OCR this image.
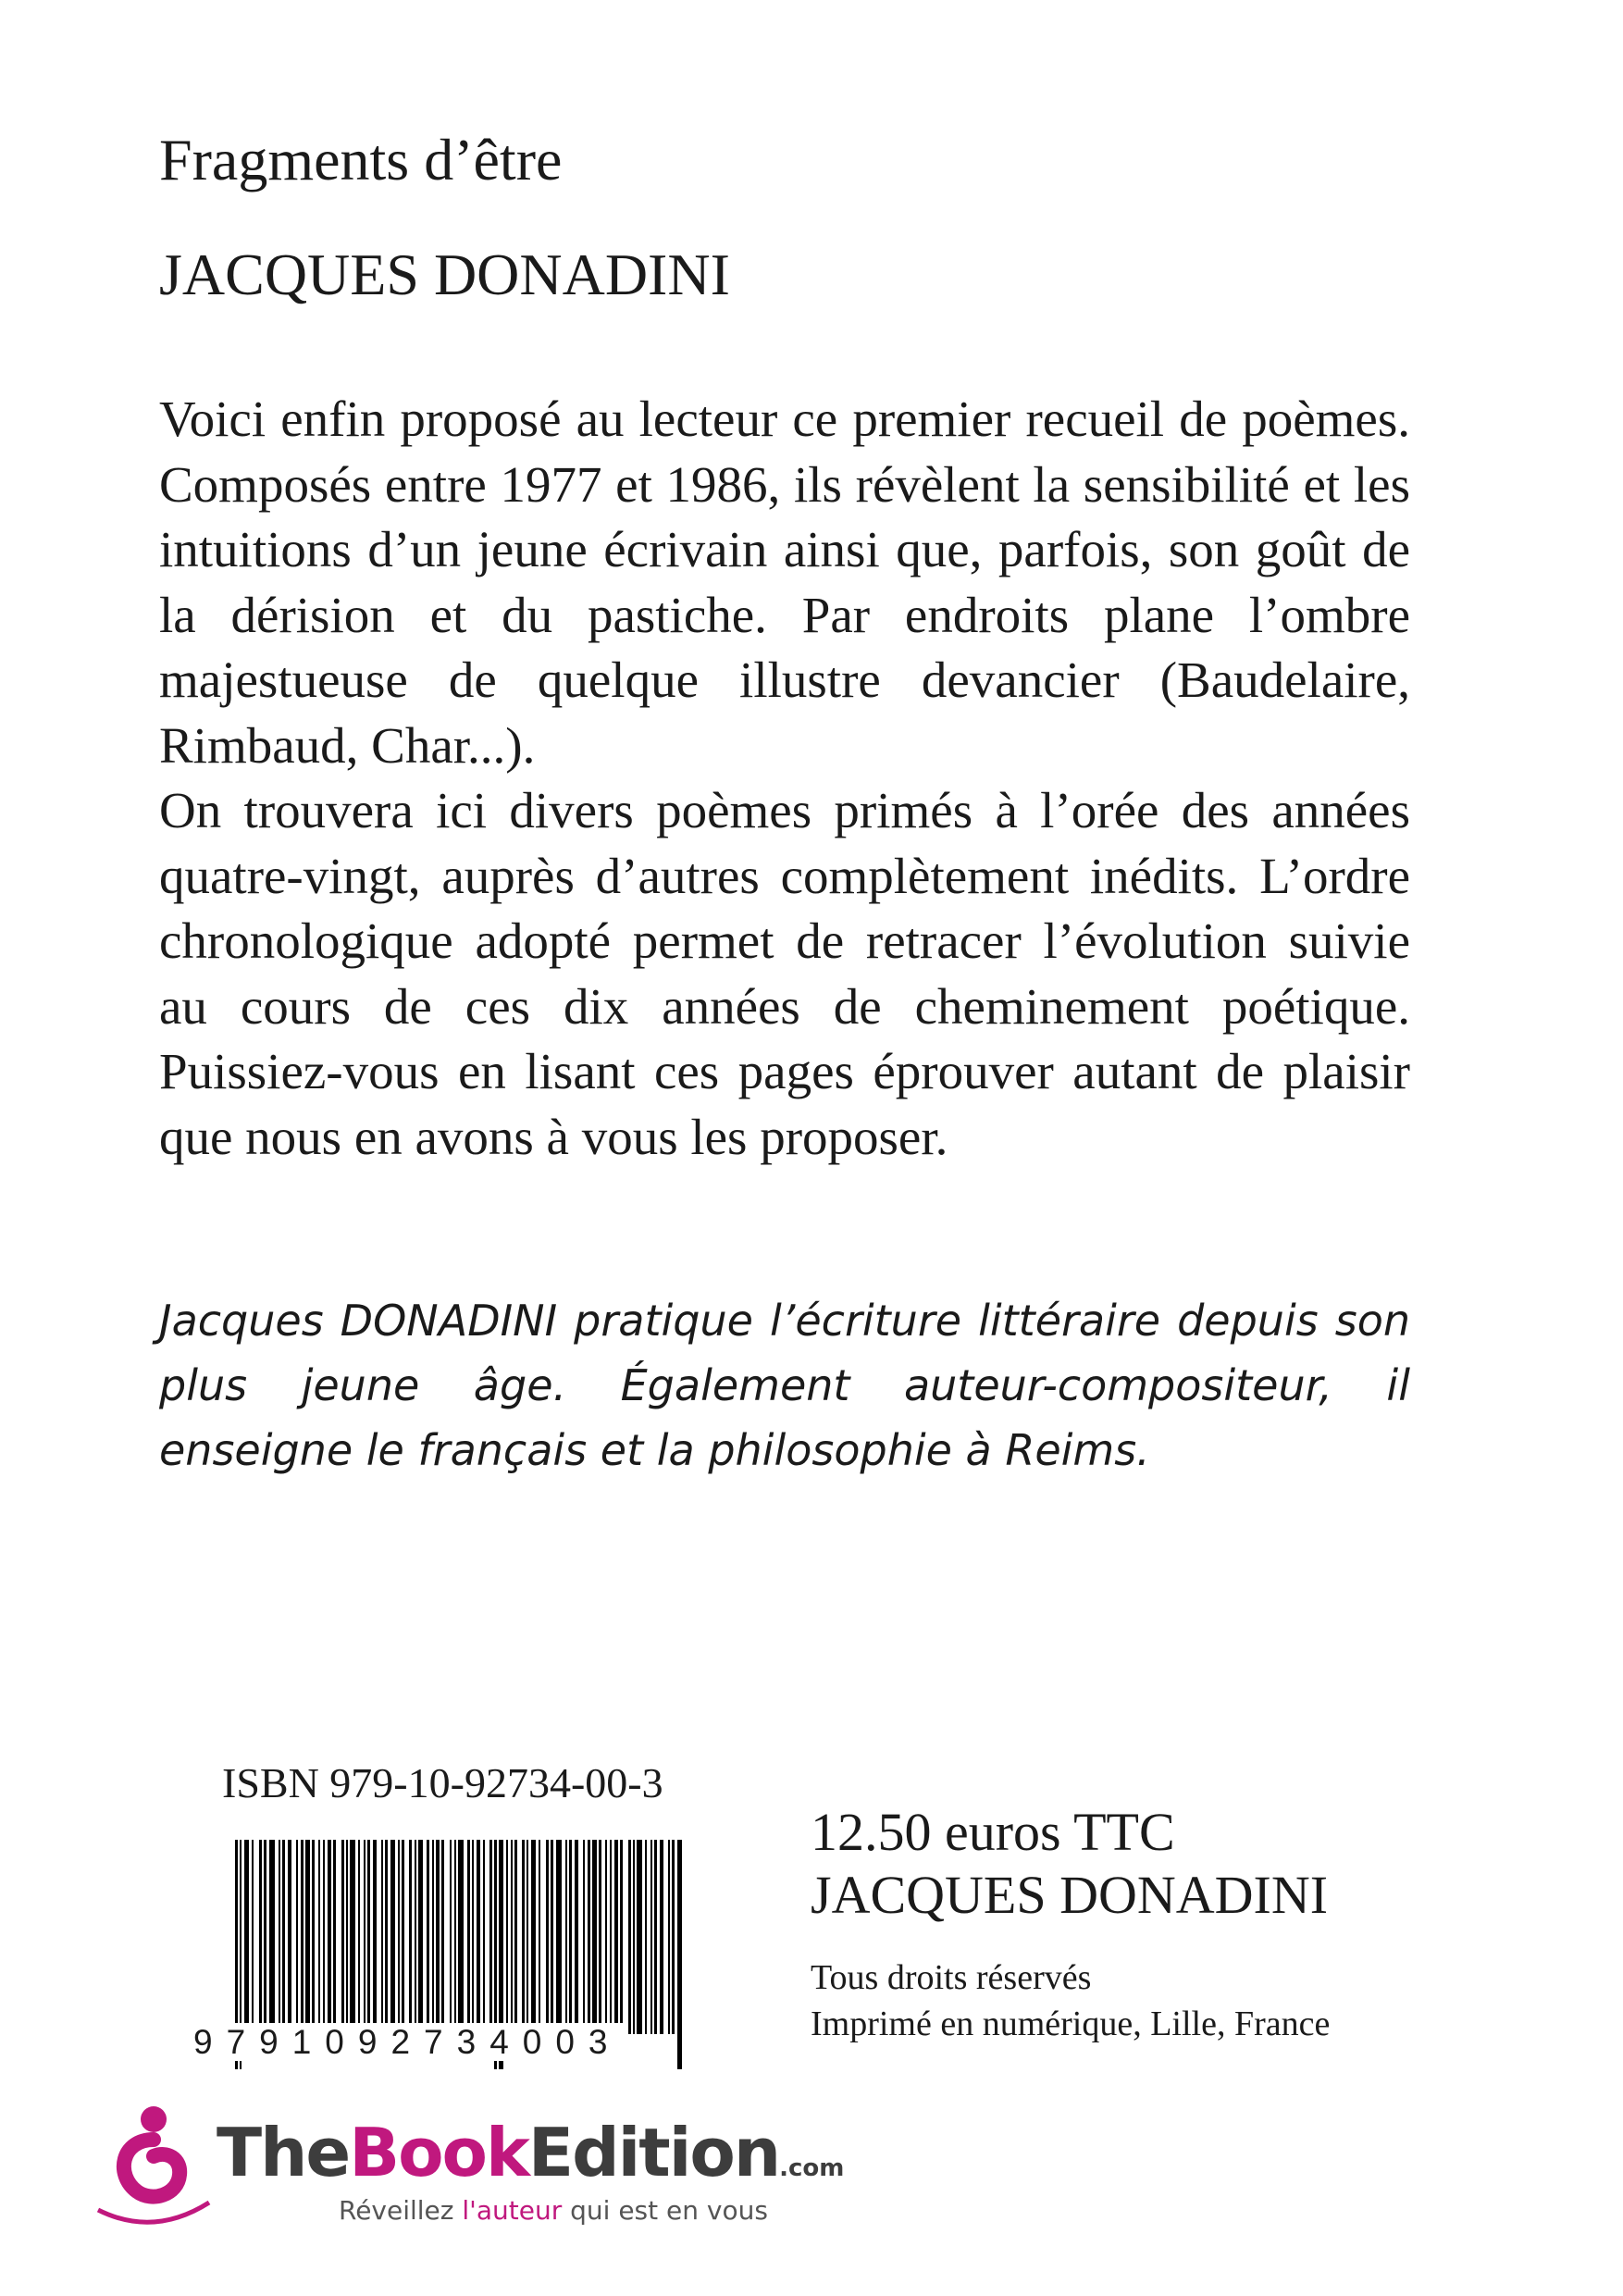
Fragments d’être
JACQUES DONADINI

Voici enfin proposé au lecteur ce premier recueil de poèmes. Composés entre 1977 et 1986, ils révèlent la sensibilité et les intuitions d’un jeune écrivain ainsi que, parfois, son goût de la dérision et du pastiche. Par endroits plane l’ombre majestueuse de quelque illustre devancier (Baudelaire, Rimbaud, Char...).

On trouvera ici divers poèmes primés à l’orée des années quatre-vingt, auprès d’autres complètement inédits. L’ordre chronologique adopté permet de retracer l’évolution suivie au cours de ces dix années de cheminement poétique. Puissiez-vous en lisant ces pages éprouver autant de plaisir que nous en avons à vous les proposer.

Jacques DONADINI pratique l’écriture littéraire depuis son plus jeune âge. Également auteur-compositeur, il enseigne le français et la philosophie à Reims.

ISBN 979-10-92734-00-3

9791092734003

12.50 euros TTC

JACQUES DONADINI

Tous droits réservés
Imprimé en numérique, Lille, France
TheBookEdition.com
Réveillez l'auteur qui est en vous
